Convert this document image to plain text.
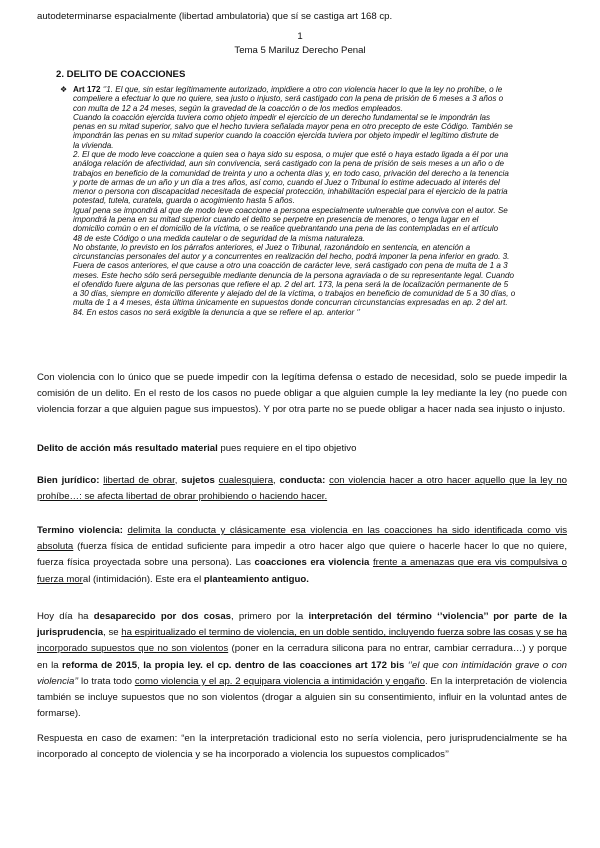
autodeterminarse espacialmente (libertad ambulatoria) que sí se castiga art 168 cp.
1
Tema 5 Mariluz Derecho Penal
2. DELITO DE COACCIONES

❖ Art 172 ‘’1. El que, sin estar legítimamente autorizado, impidiere a otro con violencia hacer lo que la ley no prohíbe, o le

compeliere a efectuar lo que no quiere, sea justo o injusto, será castigado con la pena de prisión de 6 meses a 3 años o

con multa de 12 a 24 meses, según la gravedad de la coacción o de los medios empleados.

Cuando la coacción ejercida tuviera como objeto impedir el ejercicio de un derecho fundamental se le impondrán las

penas en su mitad superior, salvo que el hecho tuviera señalada mayor pena en otro precepto de este Código. También se

impondrán las penas en su mitad superior cuando la coacción ejercida tuviera por objeto impedir el legítimo disfrute de

la vivienda.

2. El que de modo leve coaccione a quien sea o haya sido su esposa, o mujer que esté o haya estado ligada a él por una

análoga relación de afectividad, aun sin convivencia, será castigado con la pena de prisión de seis meses a un año o de

trabajos en beneficio de la comunidad de treinta y uno a ochenta días y, en todo caso, privación del derecho a la tenencia

y porte de armas de un año y un día a tres años, así como, cuando el Juez o Tribunal lo estime adecuado al interés del

menor o persona con discapacidad necesitada de especial protección, inhabilitación especial para el ejercicio de la patria

potestad, tutela, curatela, guarda o acogimiento hasta 5 años.

Igual pena se impondrá al que de modo leve coaccione a persona especialmente vulnerable que conviva con el autor. Se

impondrá la pena en su mitad superior cuando el delito se perpetre en presencia de menores, o tenga lugar en el

domicilio común o en el domicilio de la víctima, o se realice quebrantando una pena de las contempladas en el artículo

48 de este Código o una medida cautelar o de seguridad de la misma naturaleza.

No obstante, lo previsto en los párrafos anteriores, el Juez o Tribunal, razonándolo en sentencia, en atención a

circunstancias personales del autor y a concurrentes en realización del hecho, podrá imponer la pena inferior en grado. 3.

Fuera de casos anteriores, el que cause a otro una coacción de carácter leve, será castigado con pena de multa de 1 a 3

meses. Este hecho sólo será perseguible mediante denuncia de la persona agraviada o de su representante legal. Cuando

el ofendido fuere alguna de las personas que refiere el ap. 2 del art. 173, la pena será la de localización permanente de 5

a 30 días, siempre en domicilio diferente y alejado del de la víctima, o trabajos en beneficio de comunidad de 5 a 30 días, o

multa de 1 a 4 meses, ésta última únicamente en supuestos donde concurran circunstancias expresadas en ap. 2 del art.

84. En estos casos no será exigible la denuncia a que se refiere el ap. anterior ‘’

Con violencia con lo único que se puede impedir con la legítima defensa o estado de necesidad, solo se puede impedir la comisión de un delito. En el resto de los casos no puede obligar a que alguien cumple la ley mediante la ley (no puede con violencia forzar a que alguien pague sus impuestos). Y por otra parte no se puede obligar a hacer nada sea injusto o injusto.

Delito de acción más resultado material pues requiere en el tipo objetivo

Bien jurídico: libertad de obrar, sujetos cualesquiera, conducta: con violencia hacer a otro hacer aquello que la ley no prohíbe…: se afecta libertad de obrar prohibiendo o haciendo hacer.

Termino violencia: delimita la conducta y clásicamente esa violencia en las coacciones ha sido identificada como vis absoluta (fuerza física de entidad suficiente para impedir a otro hacer algo que quiere o hacerle hacer lo que no quiere, fuerza física proyectada sobre una persona). Las coacciones era violencia frente a amenazas que era vis compulsiva o fuerza moral (intimidación). Este era el planteamiento antiguo.

Hoy día ha desaparecido por dos cosas, primero por la interpretación del término ‘’violencia’’ por parte de la jurisprudencia, se ha espiritualizado el termino de violencia, en un doble sentido, incluyendo fuerza sobre las cosas y se ha incorporado supuestos que no son violentos (poner en la cerradura silicona para no entrar, cambiar cerradura…) y porque en la reforma de 2015, la propia ley. el cp. dentro de las coacciones art 172 bis ‘’el que con intimidación grave o con violencia’’ lo trata todo como violencia y el ap. 2 equipara violencia a intimidación y engaño. En la interpretación de violencia también se incluye supuestos que no son violentos (drogar a alguien sin su consentimiento, influir en la voluntad antes de formarse).

Respuesta en caso de examen: “en la interpretación tradicional esto no sería violencia, pero jurisprudencialmente se ha incorporado al concepto de violencia y se ha incorporado a violencia los supuestos complicados’’
